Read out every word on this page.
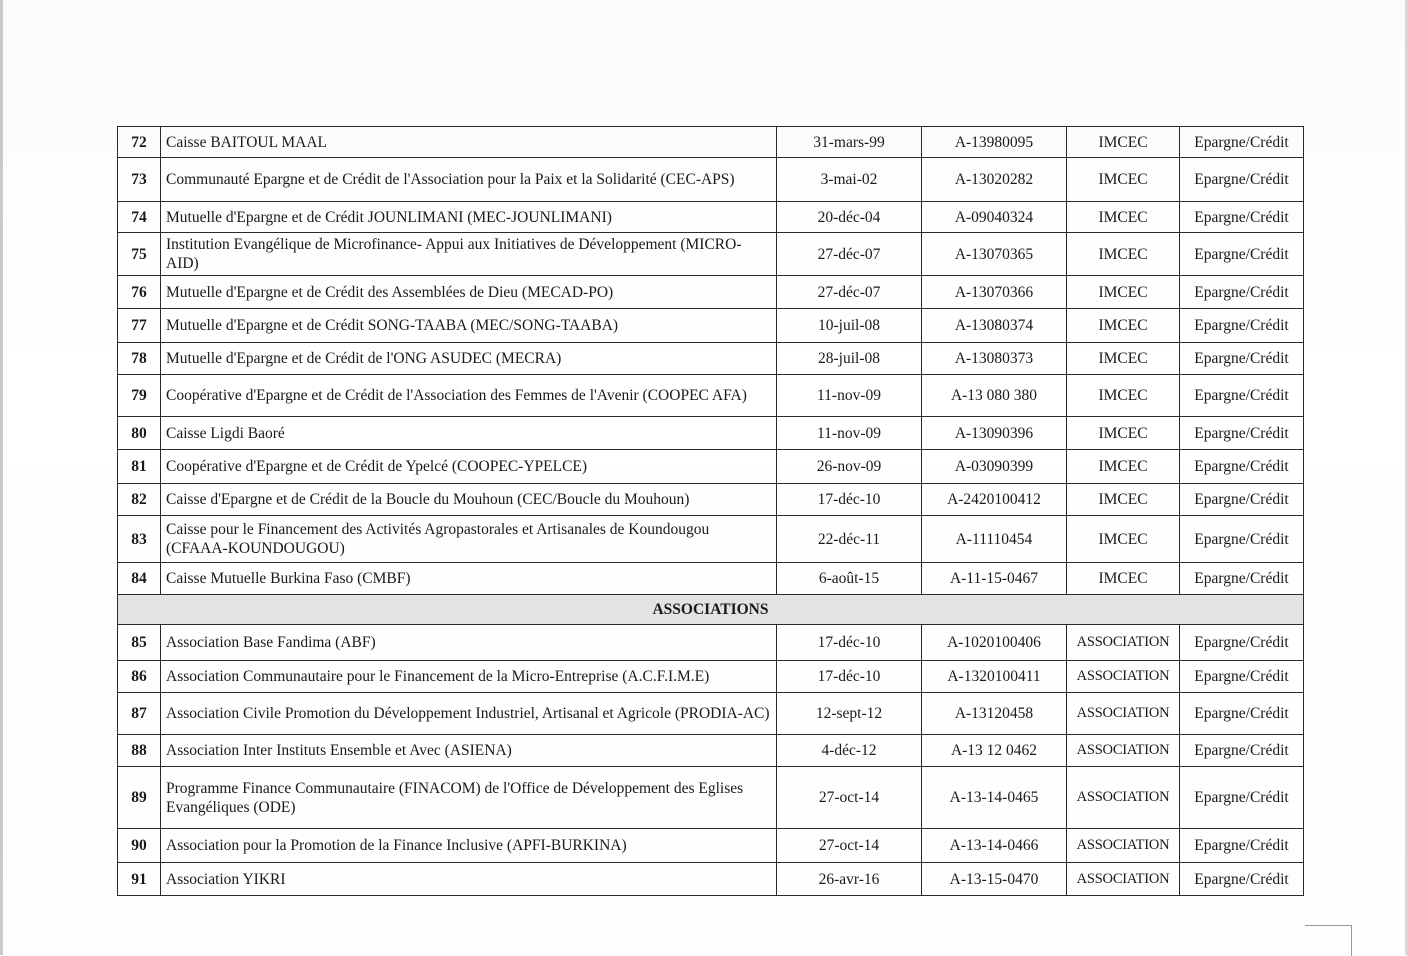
72	Caisse BAITOUL MAAL	31-mars-99	A-13980095	IMCEC	Epargne/Crédit
73	Communauté Epargne et de Crédit de l'Association pour la Paix et la Solidarité (CEC-APS)	3-mai-02	A-13020282	IMCEC	Epargne/Crédit
74	Mutuelle d'Epargne et de Crédit JOUNLIMANI (MEC-JOUNLIMANI)	20-déc-04	A-09040324	IMCEC	Epargne/Crédit
75	Institution Evangélique de Microfinance- Appui aux Initiatives de Développement (MICRO-AID)	27-déc-07	A-13070365	IMCEC	Epargne/Crédit
76	Mutuelle d'Epargne et de Crédit des Assemblées de Dieu (MECAD-PO)	27-déc-07	A-13070366	IMCEC	Epargne/Crédit
77	Mutuelle d'Epargne et de Crédit SONG-TAABA (MEC/SONG-TAABA)	10-juil-08	A-13080374	IMCEC	Epargne/Crédit
78	Mutuelle d'Epargne et de Crédit de l'ONG ASUDEC (MECRA)	28-juil-08	A-13080373	IMCEC	Epargne/Crédit
79	Coopérative d'Epargne et de Crédit de l'Association des Femmes de l'Avenir (COOPEC AFA)	11-nov-09	A-13 080 380	IMCEC	Epargne/Crédit
80	Caisse Ligdi Baoré	11-nov-09	A-13090396	IMCEC	Epargne/Crédit
81	Coopérative d'Epargne et de Crédit de Ypelcé (COOPEC-YPELCE)	26-nov-09	A-03090399	IMCEC	Epargne/Crédit
82	Caisse d'Epargne et de Crédit de la Boucle du Mouhoun (CEC/Boucle du Mouhoun)	17-déc-10	A-2420100412	IMCEC	Epargne/Crédit
83	Caisse pour le Financement des Activités Agropastorales et Artisanales de Koundougou (CFAAA-KOUNDOUGOU)	22-déc-11	A-11110454	IMCEC	Epargne/Crédit
84	Caisse Mutuelle Burkina Faso (CMBF)	6-août-15	A-11-15-0467	IMCEC	Epargne/Crédit
ASSOCIATIONS					
85	Association Base Fandima (ABF)	17-déc-10	A-1020100406	ASSOCIATION	Epargne/Crédit
86	Association Communautaire pour le Financement de la Micro-Entreprise (A.C.F.I.M.E)	17-déc-10	A-1320100411	ASSOCIATION	Epargne/Crédit
87	Association Civile Promotion du Développement Industriel, Artisanal et Agricole (PRODIA-AC)	12-sept-12	A-13120458	ASSOCIATION	Epargne/Crédit
88	Association Inter Instituts Ensemble et Avec (ASIENA)	4-déc-12	A-13 12 0462	ASSOCIATION	Epargne/Crédit
89	Programme Finance Communautaire (FINACOM) de l'Office de Développement des Eglises Evangéliques (ODE)	27-oct-14	A-13-14-0465	ASSOCIATION	Epargne/Crédit
90	Association pour la Promotion de la Finance Inclusive (APFI-BURKINA)	27-oct-14	A-13-14-0466	ASSOCIATION	Epargne/Crédit
91	Association YIKRI	26-avr-16	A-13-15-0470	ASSOCIATION	Epargne/Crédit
